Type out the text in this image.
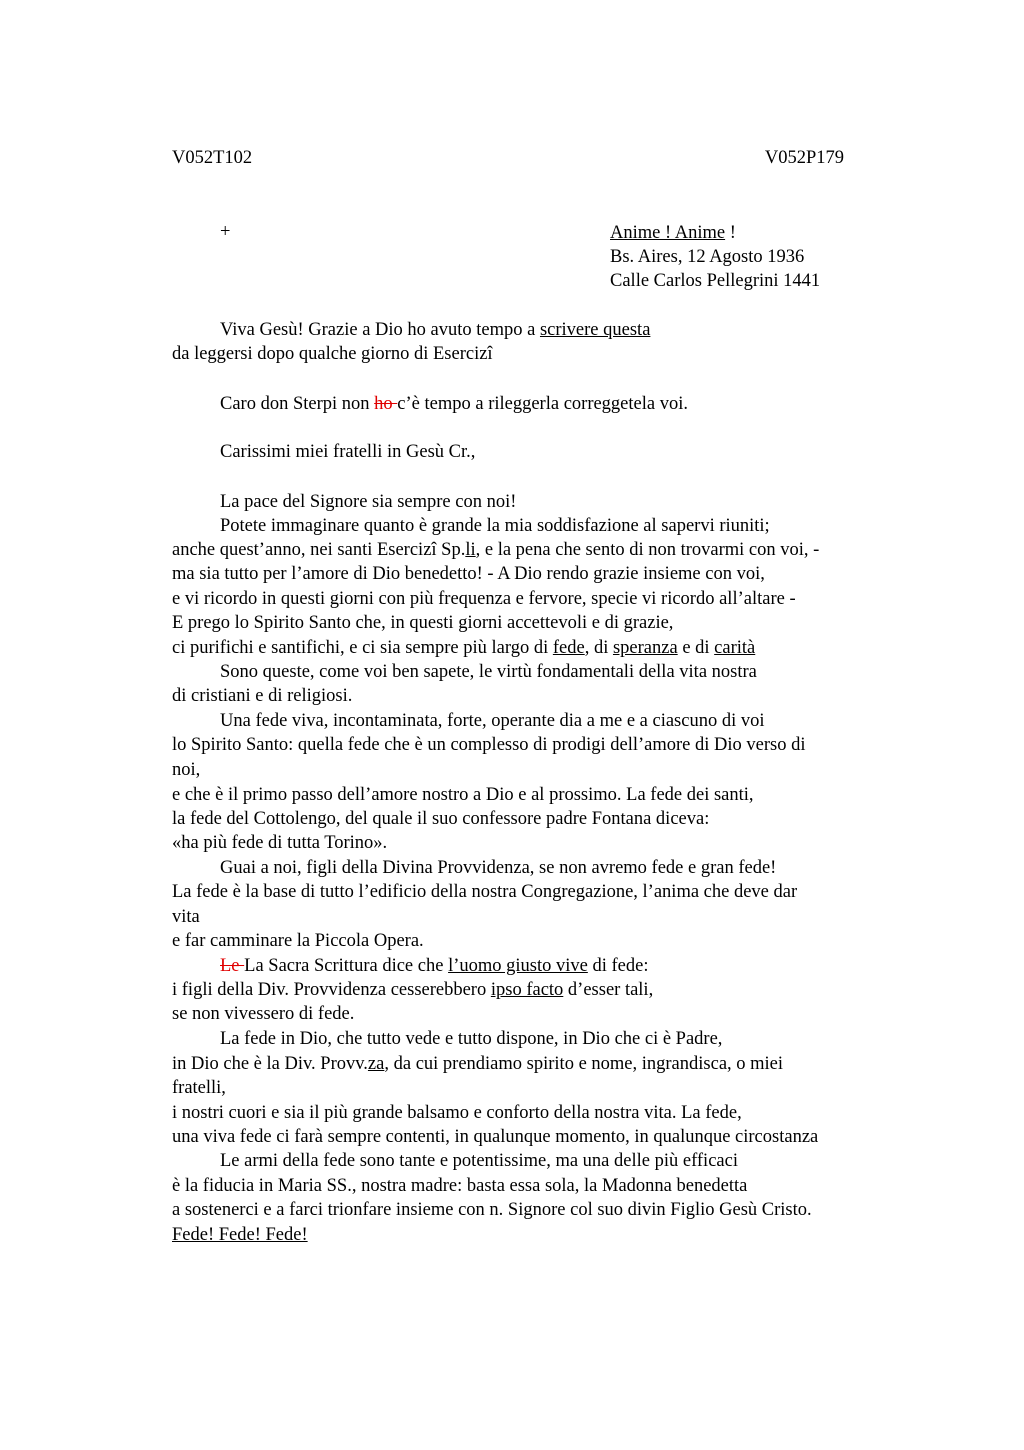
V052T102	V052P179
+	Anime ! Anime !
Bs. Aires, 12 Agosto 1936
Calle Carlos Pellegrini 1441
Viva Gesù! Grazie a Dio ho avuto tempo a scrivere questa
da leggersi dopo qualche giorno di Esercizi
Caro don Sterpi non ho c’è tempo a rileggerla correggetela voi.
Carissimi miei fratelli in Gesù Cr.,
La pace del Signore sia sempre con noi!
Potete immaginare quanto è grande la mia soddisfazione al sapervi riuniti;
anche quest’anno, nei santi Esercizi Sp.li, e la pena che sento di non trovarmi con voi, -
ma sia tutto per l’amore di Dio benedetto! - A Dio rendo grazie insieme con voi,
e vi ricordo in questi giorni con più frequenza e fervore, specie vi ricordo all’altare -
E prego lo Spirito Santo che, in questi giorni accettevoli e di grazie,
ci purifichi e santifichi, e ci sia sempre più largo di fede, di speranza e di carità
Sono queste, come voi ben sapete, le virtù fondamentali della vita nostra
di cristiani e di religiosi.
Una fede viva, incontaminata, forte, operante dia a me e a ciascuno di voi
lo Spirito Santo: quella fede che è un complesso di prodigi dell’amore di Dio verso di
noi,
e che è il primo passo dell’amore nostro a Dio e al prossimo. La fede dei santi,
la fede del Cottolengo, del quale il suo confessore padre Fontana diceva:
«ha più fede di tutta Torino».
Guai a noi, figli della Divina Provvidenza, se non avremo fede e gran fede!
La fede è la base di tutto l’edificio della nostra Congregazione, l’anima che deve dar
vita
e far camminare la Piccola Opera.
Le La Sacra Scrittura dice che l’uomo giusto vive di fede:
i figli della Div. Provvidenza cesserebbero ipso facto d’esser tali,
se non vivessero di fede.
La fede in Dio, che tutto vede e tutto dispone, in Dio che ci è Padre,
in Dio che è la Div. Provv.za, da cui prendiamo spirito e nome, ingrandisca, o miei
fratelli,
i nostri cuori e sia il più grande balsamo e conforto della nostra vita. La fede,
una viva fede ci farà sempre contenti, in qualunque momento, in qualunque circostanza
Le armi della fede sono tante e potentissime, ma una delle più efficaci
è la fiducia in Maria SS., nostra madre: basta essa sola, la Madonna benedetta
a sostenerci e a farci trionfare insieme con n. Signore col suo divin Figlio Gesù Cristo.
Fede! Fede! Fede!
